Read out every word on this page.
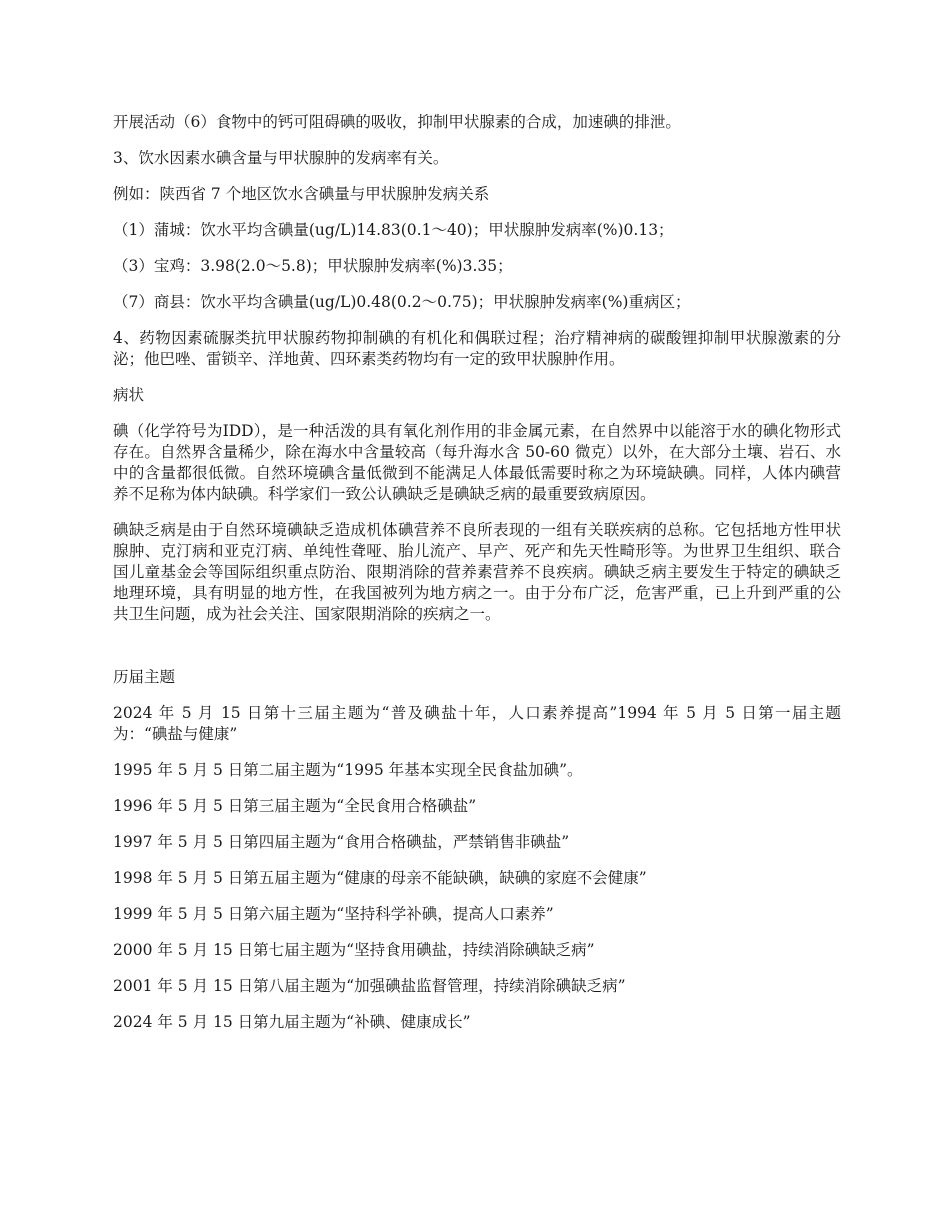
开展活动（6）食物中的钙可阻碍碘的吸收，抑制甲状腺素的合成，加速碘的排泄。

3、饮水因素水碘含量与甲状腺肿的发病率有关。

例如：陕西省 7 个地区饮水含碘量与甲状腺肿发病关系

（1）蒲城：饮水平均含碘量(ug/L)14.83(0.1～40)；甲状腺肿发病率(%)0.13；

（3）宝鸡：3.98(2.0～5.8)；甲状腺肿发病率(%)3.35；

（7）商县：饮水平均含碘量(ug/L)0.48(0.2～0.75)；甲状腺肿发病率(%)重病区；

4、药物因素硫脲类抗甲状腺药物抑制碘的有机化和偶联过程；治疗精神病的碳酸锂抑制甲状腺激素的分泌；他巴唑、雷锁辛、洋地黄、四环素类药物均有一定的致甲状腺肿作用。

病状

碘（化学符号为IDD），是一种活泼的具有氧化剂作用的非金属元素，在自然界中以能溶于水的碘化物形式存在。自然界含量稀少，除在海水中含量较高（每升海水含 50-60 微克）以外，在大部分土壤、岩石、水中的含量都很低微。自然环境碘含量低微到不能满足人体最低需要时称之为环境缺碘。同样，人体内碘营养不足称为体内缺碘。科学家们一致公认碘缺乏是碘缺乏病的最重要致病原因。

碘缺乏病是由于自然环境碘缺乏造成机体碘营养不良所表现的一组有关联疾病的总称。它包括地方性甲状腺肿、克汀病和亚克汀病、单纯性聋哑、胎儿流产、早产、死产和先天性畸形等。为世界卫生组织、联合国儿童基金会等国际组织重点防治、限期消除的营养素营养不良疾病。碘缺乏病主要发生于特定的碘缺乏地理环境，具有明显的地方性，在我国被列为地方病之一。由于分布广泛，危害严重，已上升到严重的公共卫生问题，成为社会关注、国家限期消除的疾病之一。

历届主题

2024 年 5 月 15 日第十三届主题为“普及碘盐十年，人口素养提高”1994 年 5 月 5 日第一届主题为：“碘盐与健康”

1995 年 5 月 5 日第二届主题为“1995 年基本实现全民食盐加碘”。

1996 年 5 月 5 日第三届主题为“全民食用合格碘盐”

1997 年 5 月 5 日第四届主题为“食用合格碘盐，严禁销售非碘盐”

1998 年 5 月 5 日第五届主题为“健康的母亲不能缺碘，缺碘的家庭不会健康”

1999 年 5 月 5 日第六届主题为“坚持科学补碘，提高人口素养”

2000 年 5 月 15 日第七届主题为“坚持食用碘盐，持续消除碘缺乏病”

2001 年 5 月 15 日第八届主题为“加强碘盐监督管理，持续消除碘缺乏病”

2024 年 5 月 15 日第九届主题为“补碘、健康成长”
